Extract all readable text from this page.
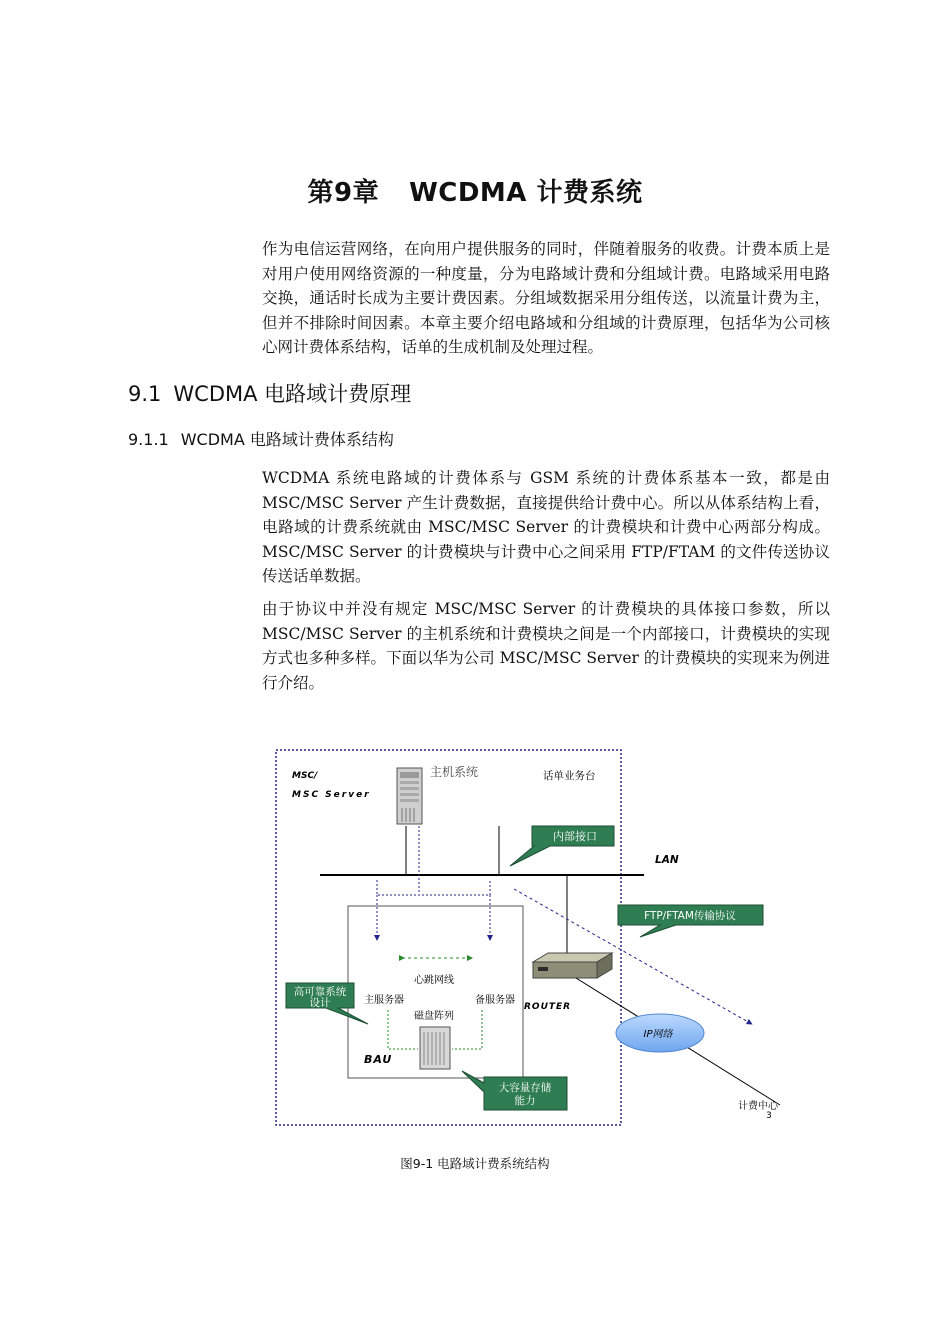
第9章 WCDMA 计费系统

作为电信运营网络，在向用户提供服务的同时，伴随着服务的收费。计费本质上是对用户使用网络资源的一种度量，分为电路域计费和分组域计费。电路域采用电路交换，通话时长成为主要计费因素。分组域数据采用分组传送，以流量计费为主，但并不排除时间因素。本章主要介绍电路域和分组域的计费原理，包括华为公司核心网计费体系结构，话单的生成机制及处理过程。

9.1 WCDMA 电路域计费原理
9.1.1 WCDMA 电路域计费体系结构

WCDMA 系统电路域的计费体系与 GSM 系统的计费体系基本一致，都是由 MSC/MSC Server 产生计费数据，直接提供给计费中心。所以从体系结构上看，电路域的计费系统就由 MSC/MSC Server 的计费模块和计费中心两部分构成。MSC/MSC Server 的计费模块与计费中心之间采用 FTP/FTAM 的文件传送协议传送话单数据。

由于协议中并没有规定 MSC/MSC Server 的计费模块的具体接口参数，所以 MSC/MSC Server 的主机系统和计费模块之间是一个内部接口，计费模块的实现方式也多种多样。下面以华为公司 MSC/MSC Server 的计费模块的实现来为例进行介绍。

MSC/
MSC Server
主机系统	话单业务台
内部接口
LAN
FTP/FTAM传输协议
心跳网线
主服务器	备服务器
磁盘阵列
BAU
高可靠系统
设计
大容量存储
能力
ROUTER
IP网络
计费中心
3
图9-1 电路域计费系统结构
